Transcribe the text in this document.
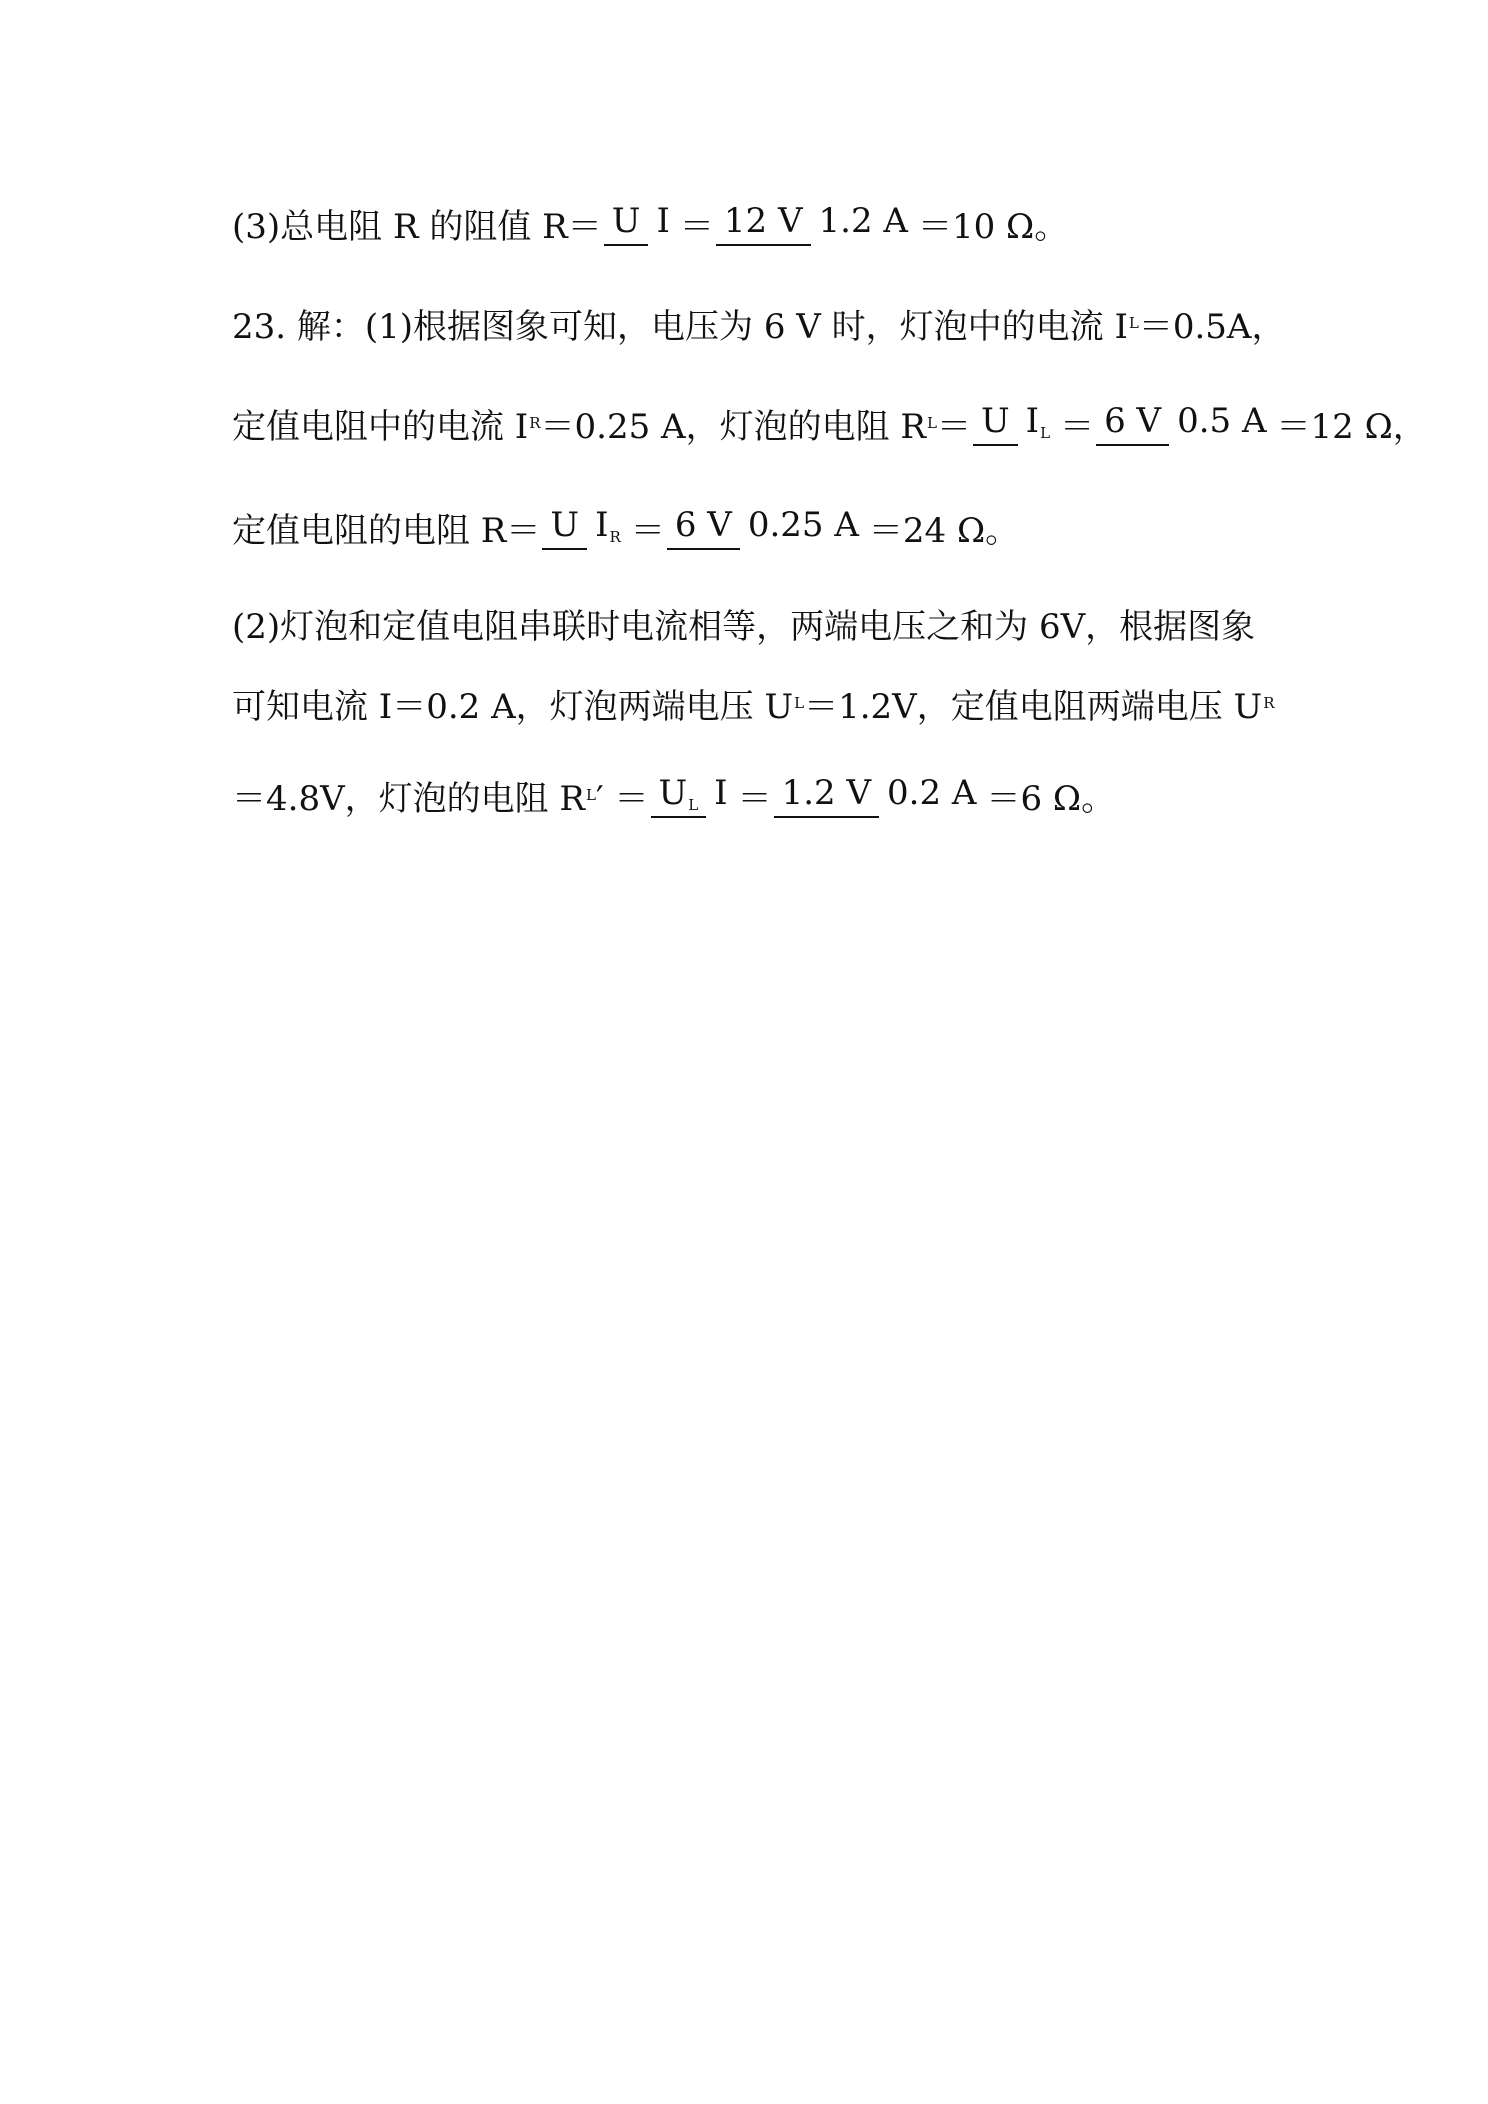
(3)总电阻 R 的阻值 R＝ U I ＝ 12 V 1.2 A ＝10 Ω。
23. 解：(1)根据图象可知，电压为 6 V 时，灯泡中的电流 I L ＝0.5A，
定值电阻中的电流 I R ＝0.25 A，灯泡的电阻 R L ＝ U $I_L = 6$ V 0.5 A ＝12 Ω，
定值电阻的电阻 R＝ U $I_R = 6$ V 0.25 A ＝24 Ω。
(2)灯泡和定值电阻串联时电流相等，两端电压之和为 6V，根据图象
可知电流 I＝0.2 A，灯泡两端电压 U L ＝1.2V，定值电阻两端电压 U R
＝4.8V，灯泡的电阻 R L ′ ＝ $U_L$ I ＝ 1.2 V 0.2 A ＝6 Ω。
